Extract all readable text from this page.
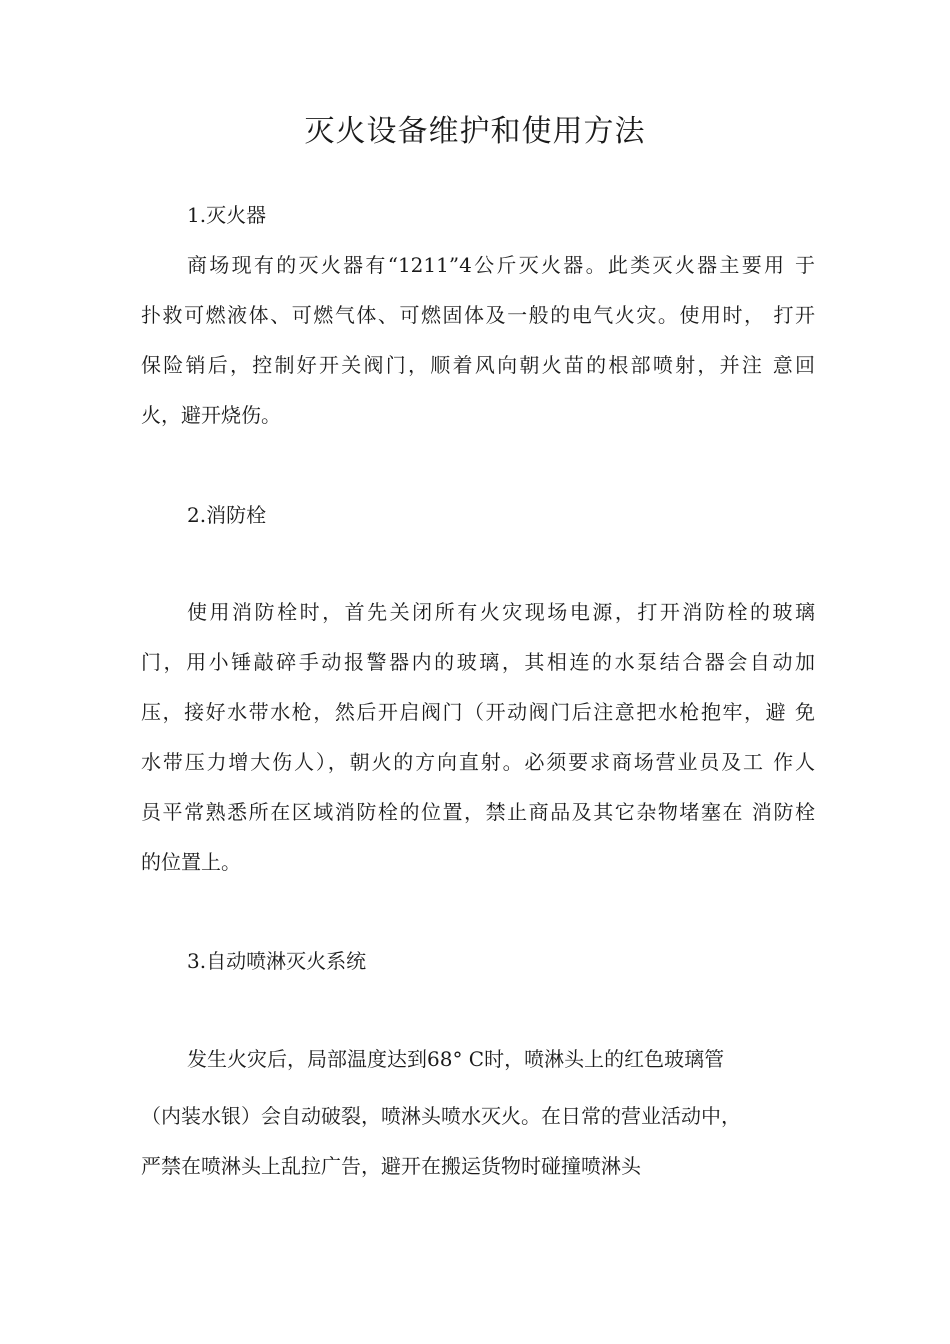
灭火设备维护和使用方法
1.灭火器
商场现有的灭火器有“1211”4公斤灭火器。此类灭火器主要用 于
扑救可燃液体、可燃气体、可燃固体及一般的电气火灾。使用时， 打开
保险销后，控制好开关阀门，顺着风向朝火苗的根部喷射，并注 意回
火，避开烧伤。
2.消防栓
使用消防栓时，首先关闭所有火灾现场电源，打开消防栓的玻璃
门，用小锤敲碎手动报警器内的玻璃，其相连的水泵结合器会自动加
压，接好水带水枪，然后开启阀门（开动阀门后注意把水枪抱牢，避 免
水带压力增大伤人），朝火的方向直射。必须要求商场营业员及工 作人
员平常熟悉所在区域消防栓的位置，禁止商品及其它杂物堵塞在 消防栓
的位置上。
3.自动喷淋灭火系统
发生火灾后，局部温度达到68° C时，喷淋头上的红色玻璃管
（内装水银）会自动破裂，喷淋头喷水灭火。在日常的营业活动中，
严禁在喷淋头上乱拉广告，避开在搬运货物时碰撞喷淋头
